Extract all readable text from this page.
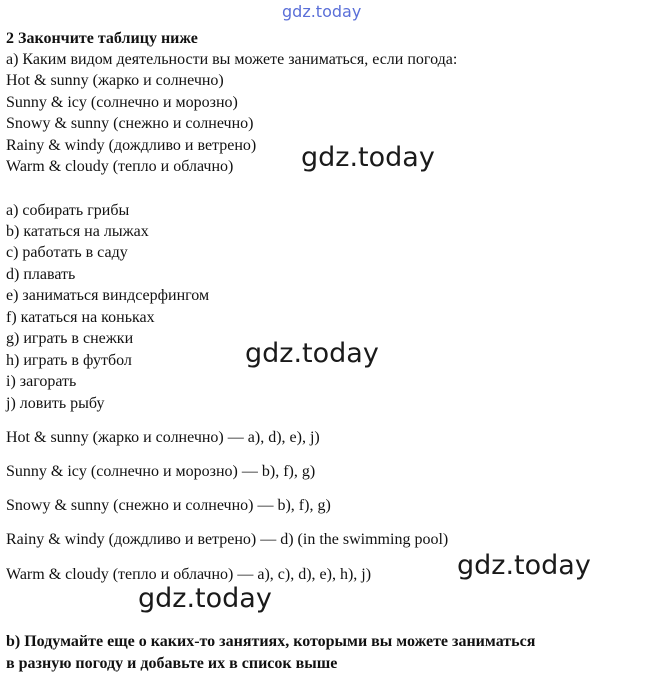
gdz.today
gdz.today
gdz.today
gdz.today
gdz.today
2 Закончите таблицу ниже
a) Каким видом деятельности вы можете заниматься, если погода:
Hot & sunny (жарко и солнечно)
Sunny & icy (солнечно и морозно)
Snowy & sunny (снежно и солнечно)
Rainy & windy (дождливо и ветрено)
Warm & cloudy (тепло и облачно)
a) собирать грибы
b) кататься на лыжах
c) работать в саду
d) плавать
e) заниматься виндсерфингом
f) кататься на коньках
g) играть в снежки
h) играть в футбол
i) загорать
j) ловить рыбу
Hot & sunny (жарко и солнечно) — a), d), e), j)
Sunny & icy (солнечно и морозно) — b), f), g)
Snowy & sunny (снежно и солнечно) — b), f), g)
Rainy & windy (дождливо и ветрено) — d) (in the swimming pool)
Warm & cloudy (тепло и облачно) — a), c), d), e), h), j)
b) Подумайте еще о каких-то занятиях, которыми вы можете заниматься
в разную погоду и добавьте их в список выше
